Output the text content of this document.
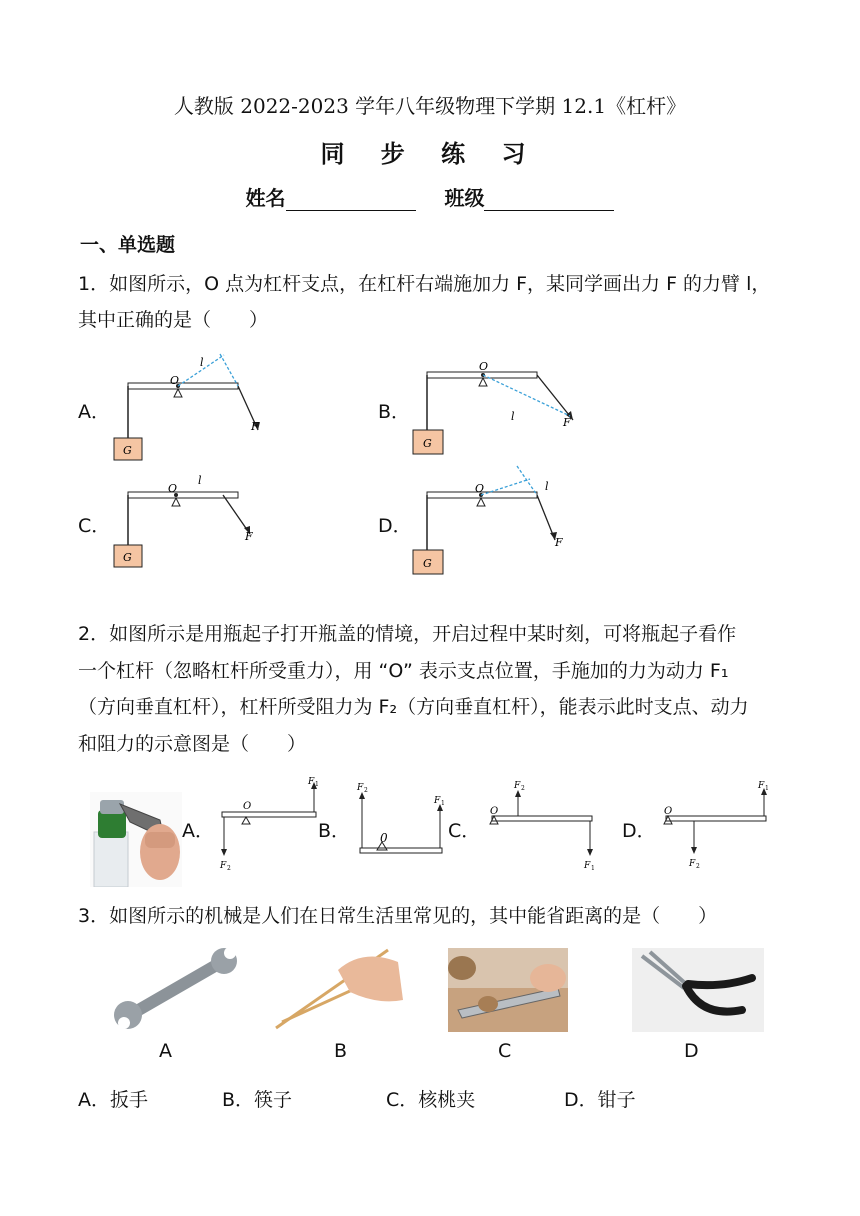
人教版 2022-2023 学年八年级物理下学期 12.1《杠杆》
同 步 练 习
姓名	班级
一、单选题
1．如图所示，O 点为杠杆支点，在杠杆右端施加力 F，某同学画出力 F 的力臂 l，
其中正确的是（　　）
A．	B．
C．	D．
O
l
F
G
O
l	F
G
O
l
F
G
O	l
F
G
2．如图所示是用瓶起子打开瓶盖的情境，开启过程中某时刻，可将瓶起子看作
一个杠杆（忽略杠杆所受重力），用 “O” 表示支点位置，手施加的力为动力 F₁
（方向垂直杠杆），杠杆所受阻力为 F₂（方向垂直杠杆），能表示此时支点、动力
和阻力的示意图是（　　）
A．	B．	C．	D．
O
F 1
F 2
0
F 2
F 1
O
F 2
F 1
O
F 1
F 2
3．如图所示的机械是人们在日常生活里常见的，其中能省距离的是（　　）
A	B	C	D
A．扳手	B．筷子	C．核桃夹	D．钳子
